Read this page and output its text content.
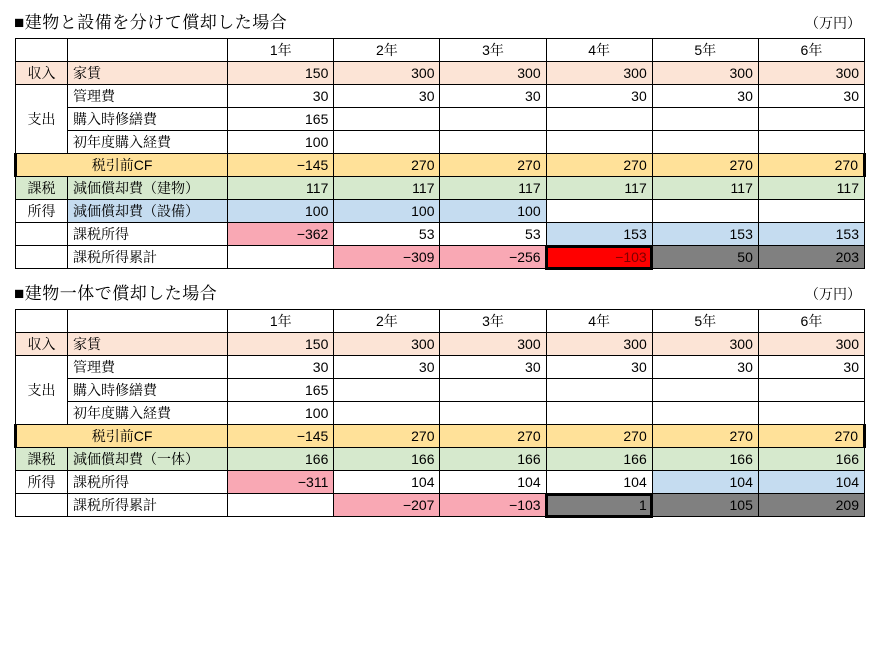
■建物と設備を分けて償却した場合	（万円）
		1年	2年	3年	4年	5年	6年
収入	家賃	150	300	300	300	300	300
支出	管理費	30	30	30	30	30	30
	購入時修繕費	165					
	初年度購入経費	100					
税引前CF		−145	270	270	270	270	270
課税	減価償却費（建物）	117	117	117	117	117	117
所得	減価償却費（設備）	100	100	100			
	課税所得	−362	53	53	153	153	153
	課税所得累計		−309	−256	−103	50	203
■建物一体で償却した場合	（万円）
		1年	2年	3年	4年	5年	6年
収入	家賃	150	300	300	300	300	300
支出	管理費	30	30	30	30	30	30
	購入時修繕費	165					
	初年度購入経費	100					
税引前CF		−145	270	270	270	270	270
課税	減価償却費（一体）	166	166	166	166	166	166
所得	課税所得	−311	104	104	104	104	104
	課税所得累計		−207	−103	1	105	209
